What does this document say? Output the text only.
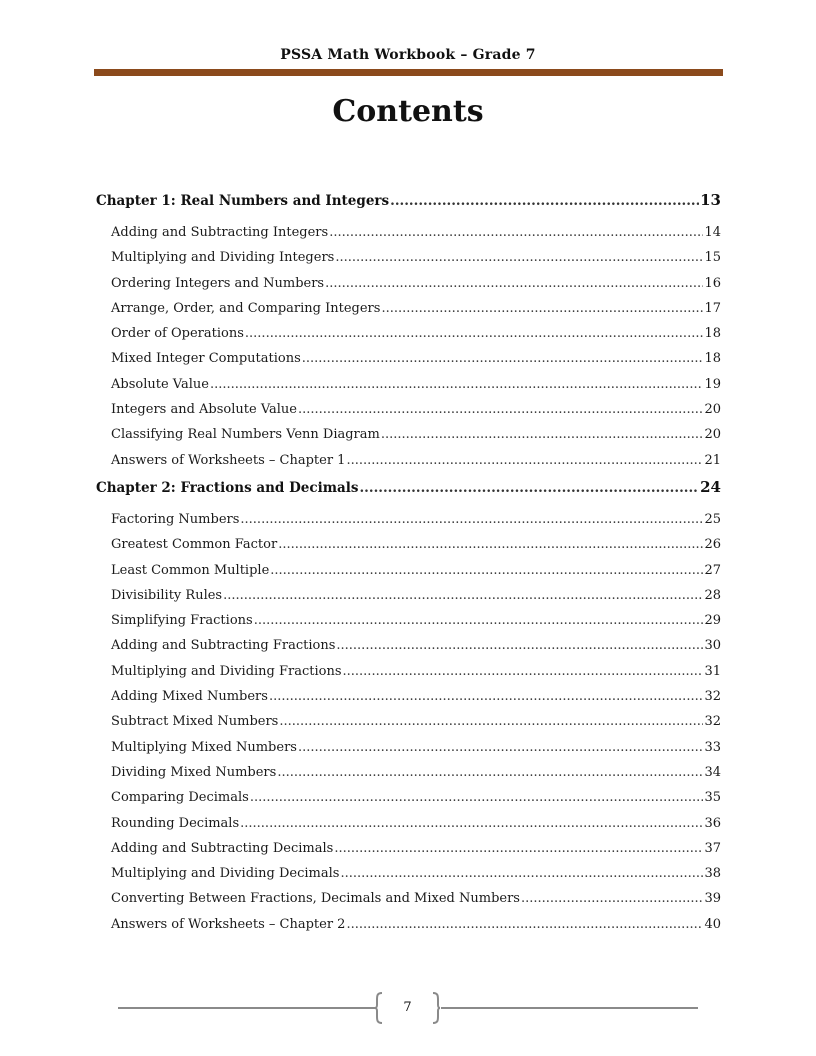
PSSA Math Workbook – Grade 7
Contents
Chapter 1: Real Numbers and Integers .....	13
Adding and Subtracting Integers .....	14
Multiplying and Dividing Integers .....	15
Ordering Integers and Numbers .....	16
Arrange, Order, and Comparing Integers .....	17
Order of Operations .....	18
Mixed Integer Computations .....	18
Absolute Value .....	19
Integers and Absolute Value .....	20
Classifying Real Numbers Venn Diagram .....	20
Answers of Worksheets – Chapter 1 .....	21
Chapter 2: Fractions and Decimals .....	24
Factoring Numbers .....	25
Greatest Common Factor .....	26
Least Common Multiple .....	27
Divisibility Rules .....	28
Simplifying Fractions .....	29
Adding and Subtracting Fractions .....	30
Multiplying and Dividing Fractions .....	31
Adding Mixed Numbers .....	32
Subtract Mixed Numbers .....	32
Multiplying Mixed Numbers .....	33
Dividing Mixed Numbers .....	34
Comparing Decimals .....	35
Rounding Decimals .....	36
Adding and Subtracting Decimals .....	37
Multiplying and Dividing Decimals .....	38
Converting Between Fractions, Decimals and Mixed Numbers .....	39
Answers of Worksheets – Chapter 2 .....	40
7
